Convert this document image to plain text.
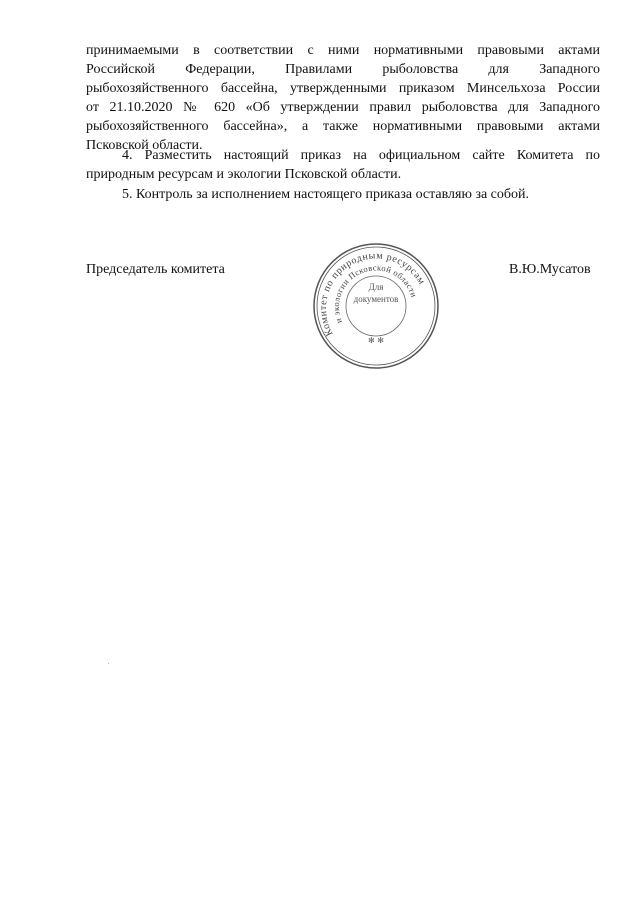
принимаемыми в соответствии с ними нормативными правовыми актами
Российской Федерации, Правилами рыболовства для Западного
рыбохозяйственного бассейна, утвержденными приказом Минсельхоза России
от 21.10.2020 № 620 «Об утверждении правил рыболовства для Западного
рыбохозяйственного бассейна», а также нормативными правовыми актами
Псковской области.

4. Разместить настоящий приказ на официальном сайте Комитета по
природным ресурсам и экологии Псковской области.

5. Контроль за исполнением настоящего приказа оставляю за собой.

Председатель комитета	В.Ю.Мусатов
Комитет по природным ресурсам
и экологии Псковской области
Для
документов
✻ ✻
